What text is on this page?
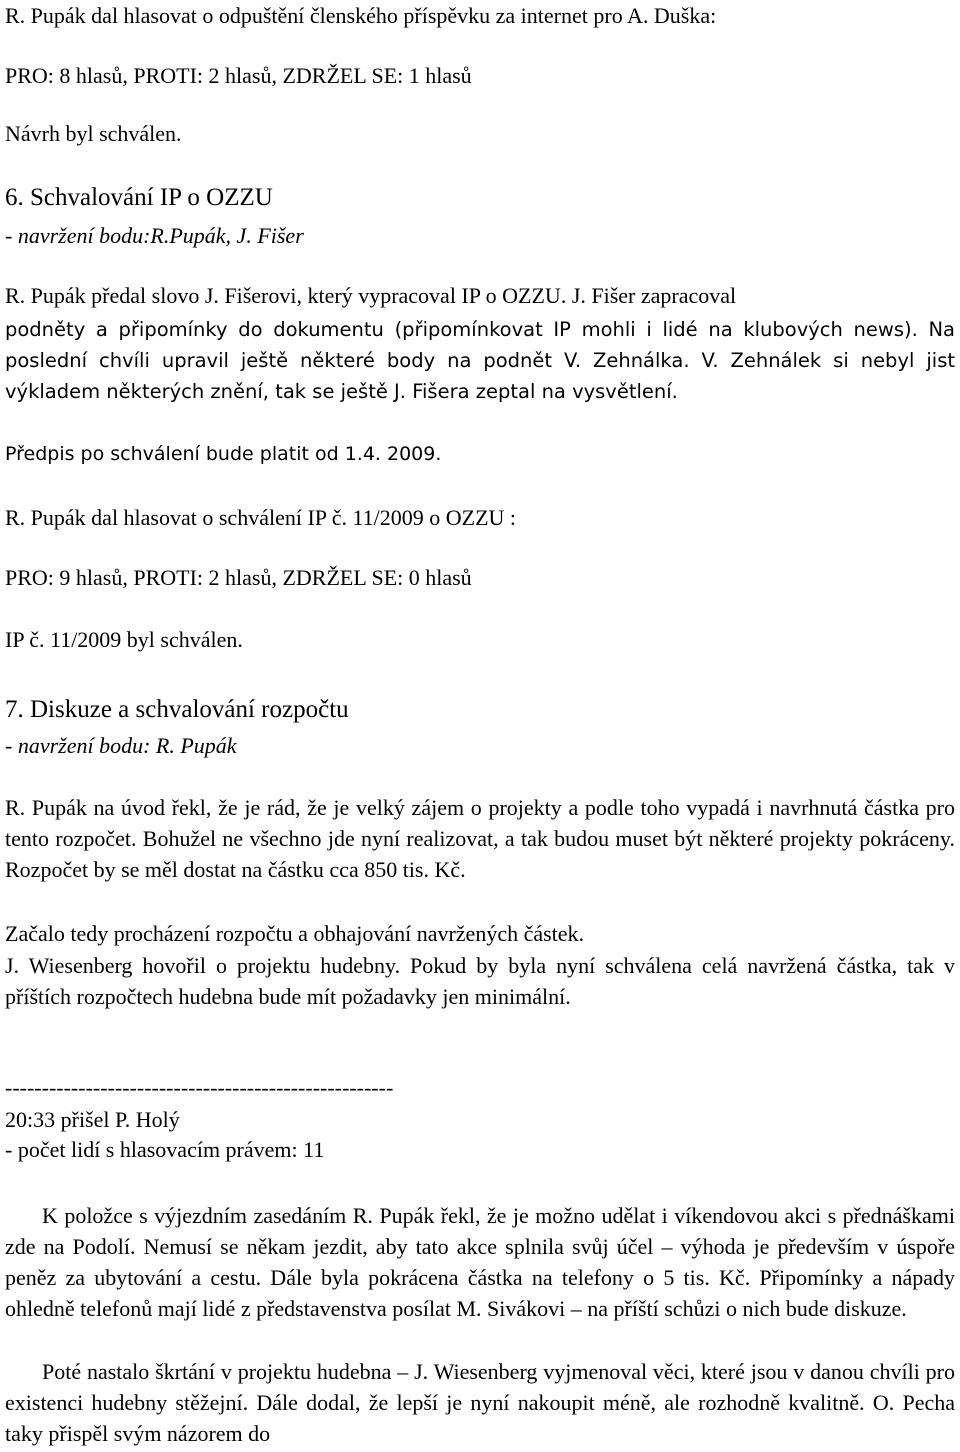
R. Pupák dal hlasovat o odpuštění členského příspěvku za internet pro A. Duška:
PRO: 8 hlasů, PROTI: 2 hlasů, ZDRŽEL SE: 1 hlasů
Návrh byl schválen.
6. Schvalování IP o OZZU
- navržení bodu:R.Pupák, J. Fišer
R. Pupák předal slovo J. Fišerovi, který vypracoval IP o OZZU. J. Fišer zapracoval
podněty a připomínky do dokumentu (připomínkovat IP mohli i lidé na klubových news). Na poslední chvíli upravil ještě některé body na podnět V. Zehnálka. V. Zehnálek si nebyl jist výkladem některých znění, tak se ještě J. Fišera zeptal na vysvětlení.
Předpis po schválení bude platit od 1.4. 2009.
R. Pupák dal hlasovat o schválení IP č. 11/2009 o OZZU :
PRO: 9 hlasů, PROTI: 2 hlasů, ZDRŽEL SE: 0 hlasů
IP č. 11/2009 byl schválen.
7. Diskuze a schvalování rozpočtu
- navržení bodu: R. Pupák
R. Pupák na úvod řekl, že je rád, že je velký zájem o projekty a podle toho vypadá i navrhnutá částka pro tento rozpočet. Bohužel ne všechno jde nyní realizovat, a tak budou muset být některé projekty pokráceny. Rozpočet by se měl dostat na částku cca 850 tis. Kč.
Začalo tedy procházení rozpočtu a obhajování navržených částek.
J. Wiesenberg hovořil o projektu hudebny. Pokud by byla nyní schválena celá navržená částka, tak v příštích rozpočtech hudebna bude mít požadavky jen minimální.
-----------------------------------------------------
20:33 přišel P. Holý
- počet lidí s hlasovacím právem: 11
K položce s výjezdním zasedáním R. Pupák řekl, že je možno udělat i víkendovou akci s přednáškami zde na Podolí. Nemusí se někam jezdit, aby tato akce splnila svůj účel – výhoda je především v úspoře peněz za ubytování a cestu. Dále byla pokrácena částka na telefony o 5 tis. Kč. Připomínky a nápady ohledně telefonů mají lidé z představenstva posílat M. Sivákovi – na příští schůzi o nich bude diskuze.
Poté nastalo škrtání v projektu hudebna – J. Wiesenberg vyjmenoval věci, které jsou v danou chvíli pro existenci hudebny stěžejní. Dále dodal, že lepší je nyní nakoupit méně, ale rozhodně kvalitně. O. Pecha taky přispěl svým názorem do
